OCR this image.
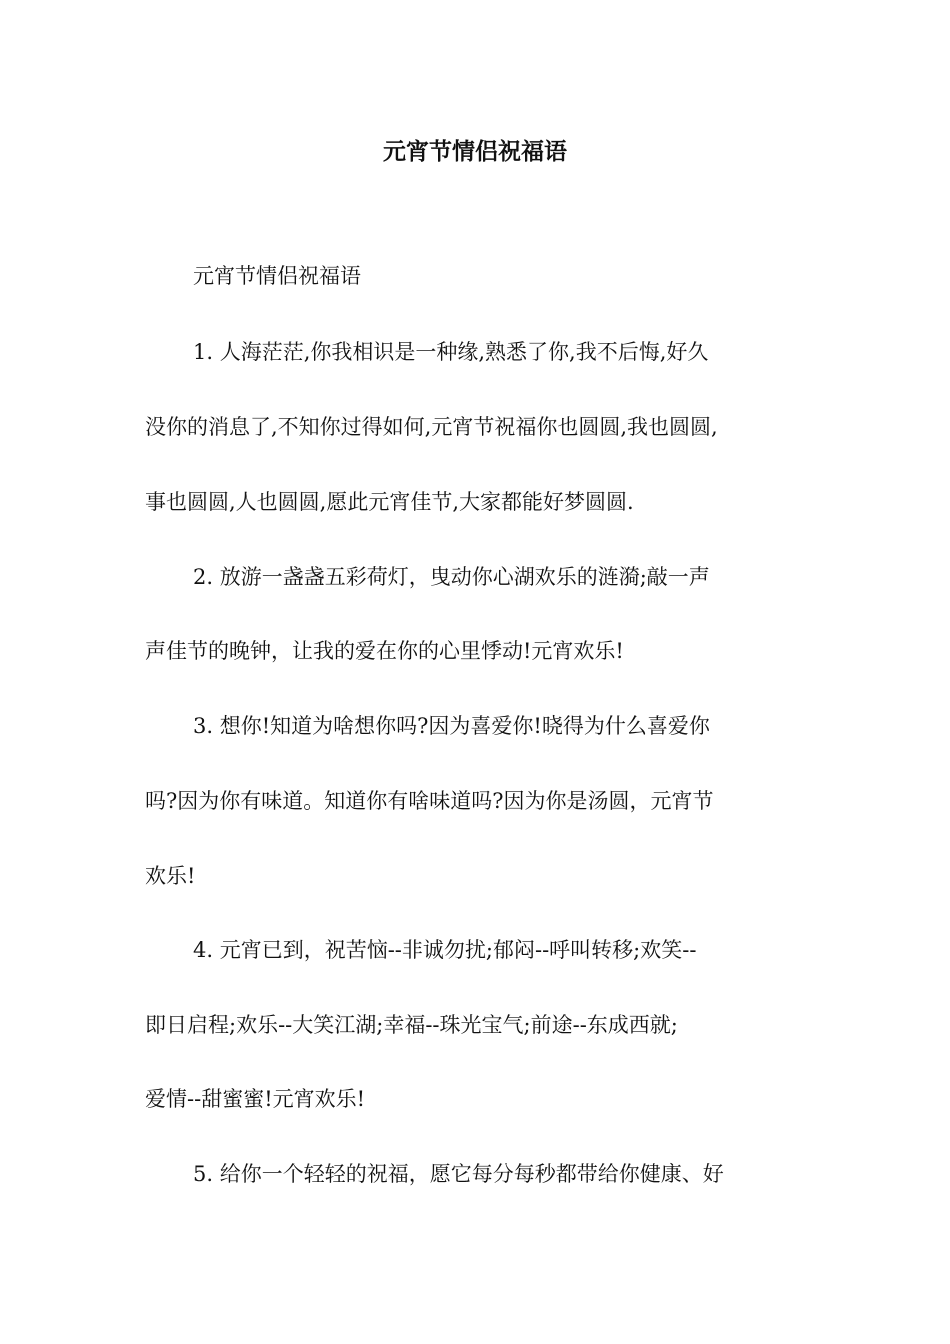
元宵节情侣祝福语
元宵节情侣祝福语
1. 人海茫茫,你我相识是一种缘,熟悉了你,我不后悔,好久
没你的消息了,不知你过得如何,元宵节祝福你也圆圆,我也圆圆,
事也圆圆,人也圆圆,愿此元宵佳节,大家都能好梦圆圆.
2. 放游一盏盏五彩荷灯，曳动你心湖欢乐的涟漪;敲一声
声佳节的晚钟，让我的爱在你的心里悸动!元宵欢乐!
3. 想你!知道为啥想你吗?因为喜爱你!晓得为什么喜爱你
吗?因为你有味道。知道你有啥味道吗?因为你是汤圆，元宵节
欢乐!
4. 元宵已到，祝苦恼--非诚勿扰;郁闷--呼叫转移;欢笑--
即日启程;欢乐--大笑江湖;幸福--珠光宝气;前途--东成西就;
爱情--甜蜜蜜!元宵欢乐!
5. 给你一个轻轻的祝福，愿它每分每秒都带给你健康、好
